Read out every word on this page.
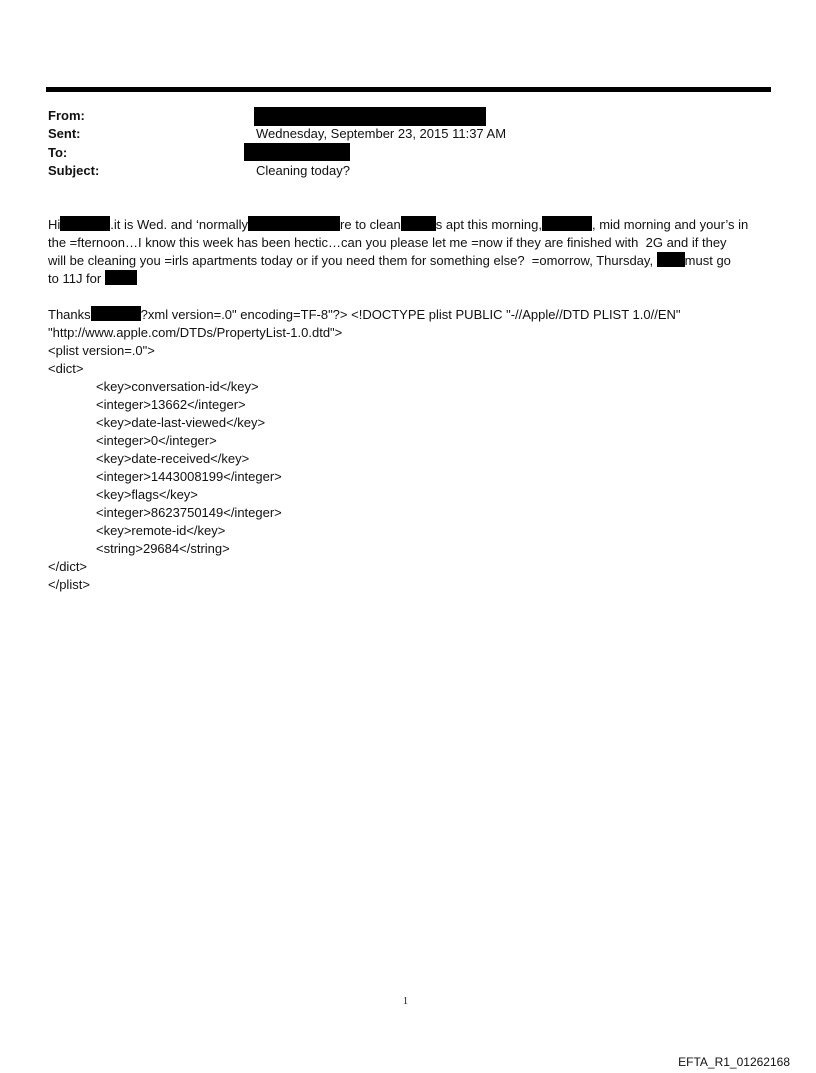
From:
Sent:	Wednesday, September 23, 2015 11:37 AM
To:
Subject:	Cleaning today?
Hi	.it is Wed. and ‘normally	re to clean	s apt this morning,	, mid morning and your’s in
the =fternoon…I know this week has been hectic…can you please let me =now if they are finished with  2G and if they
will be cleaning you =irls apartments today or if you need them for something else?  =omorrow, Thursday, must go
to 11J for
Thanks	?xml version=.0" encoding=TF-8"?> <!DOCTYPE plist PUBLIC "-//Apple//DTD PLIST 1.0//EN"
"http://www.apple.com/DTDs/PropertyList-1.0.dtd">
<plist version=.0">
<dict>
<key>conversation-id</key>
<integer>13662</integer>
<key>date-last-viewed</key>
<integer>0</integer>
<key>date-received</key>
<integer>1443008199</integer>
<key>flags</key>
<integer>8623750149</integer>
<key>remote-id</key>
<string>29684</string>
</dict>
</plist>
1
EFTA_R1_01262168
